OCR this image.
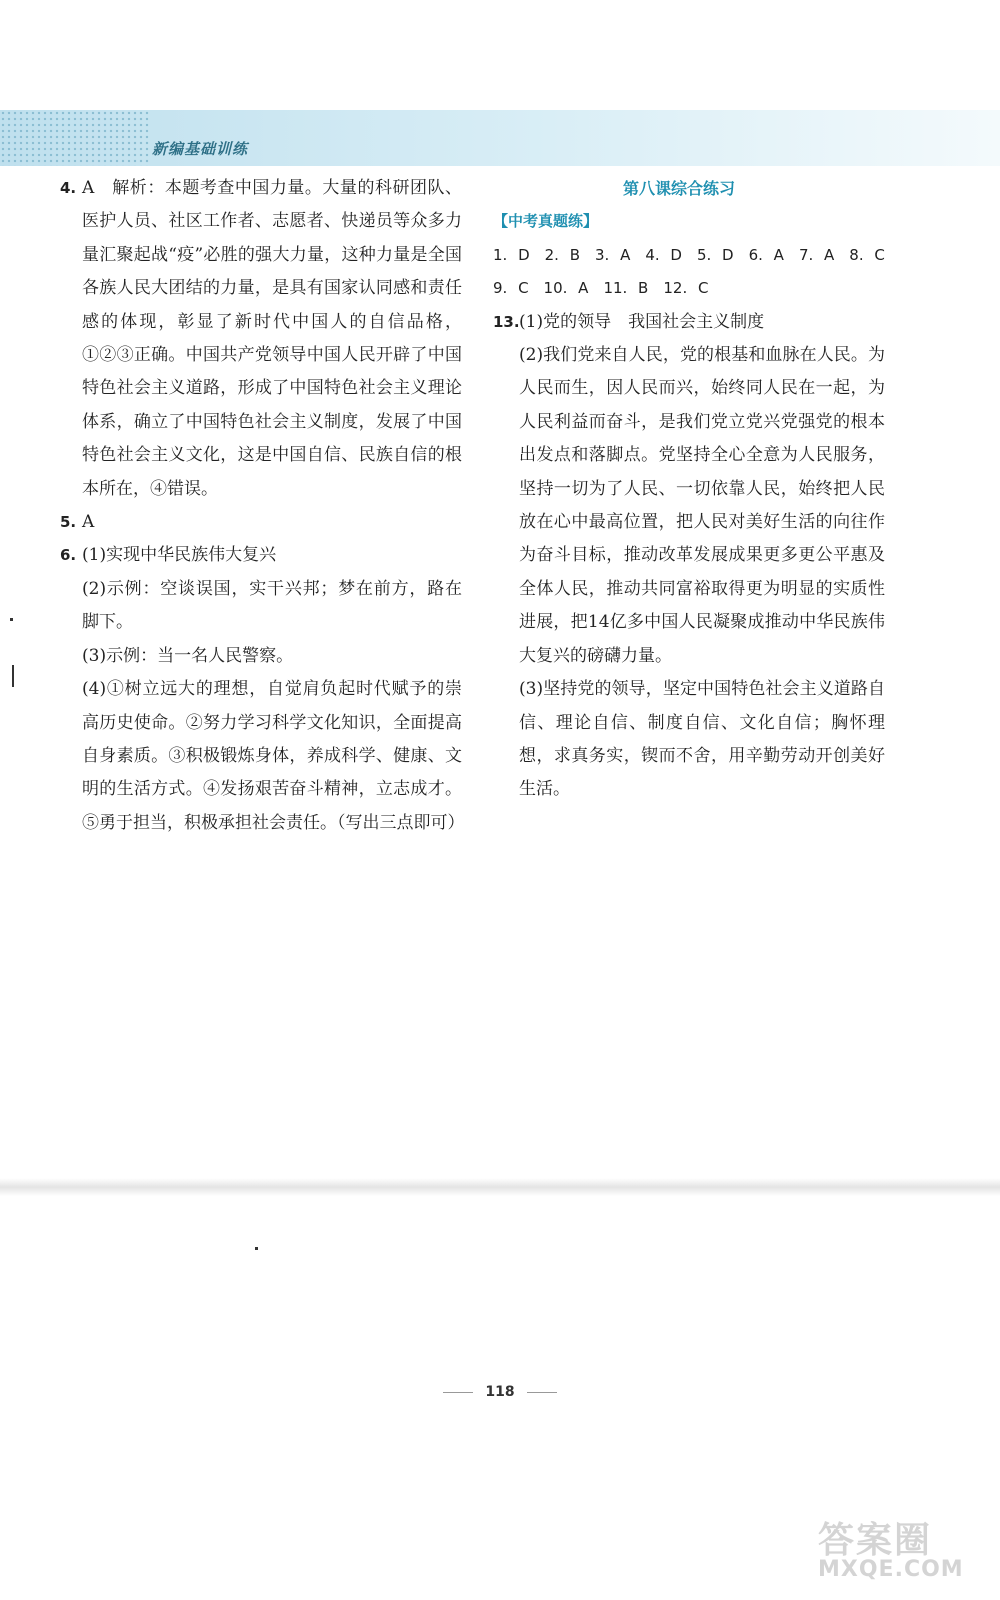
新编基础训练
4. A　解析：本题考查中国力量。大量的科研团队、医护人员、社区工作者、志愿者、快递员等众多力量汇聚起战“疫”必胜的强大力量，这种力量是全国各族人民大团结的力量，是具有国家认同感和责任感的体现，彰显了新时代中国人的自信品格，①②③正确。中国共产党领导中国人民开辟了中国特色社会主义道路，形成了中国特色社会主义理论体系，确立了中国特色社会主义制度，发展了中国特色社会主义文化，这是中国自信、民族自信的根本所在，④错误。
5. A
6. (1)实现中华民族伟大复兴
(2)示例：空谈误国，实干兴邦；梦在前方，路在脚下。
(3)示例：当一名人民警察。
(4)①树立远大的理想，自觉肩负起时代赋予的崇高历史使命。②努力学习科学文化知识，全面提高自身素质。③积极锻炼身体，养成科学、健康、文明的生活方式。④发扬艰苦奋斗精神，立志成才。⑤勇于担当，积极承担社会责任。（写出三点即可）
第八课综合练习
【中考真题练】
1. D　2. B　3. A　4. D　5. D　6. A　7. A　8. C
9. C　10. A　11. B　12. C
13. (1)党的领导　我国社会主义制度
(2)我们党来自人民，党的根基和血脉在人民。为人民而生，因人民而兴，始终同人民在一起，为人民利益而奋斗，是我们党立党兴党强党的根本出发点和落脚点。党坚持全心全意为人民服务，坚持一切为了人民、一切依靠人民，始终把人民放在心中最高位置，把人民对美好生活的向往作为奋斗目标，推动改革发展成果更多更公平惠及全体人民，推动共同富裕取得更为明显的实质性进展，把14亿多中国人民凝聚成推动中华民族伟大复兴的磅礴力量。
(3)坚持党的领导，坚定中国特色社会主义道路自信、理论自信、制度自信、文化自信；胸怀理想，求真务实，锲而不舍，用辛勤劳动开创美好生活。
118
答案圈
MXQE.COM
